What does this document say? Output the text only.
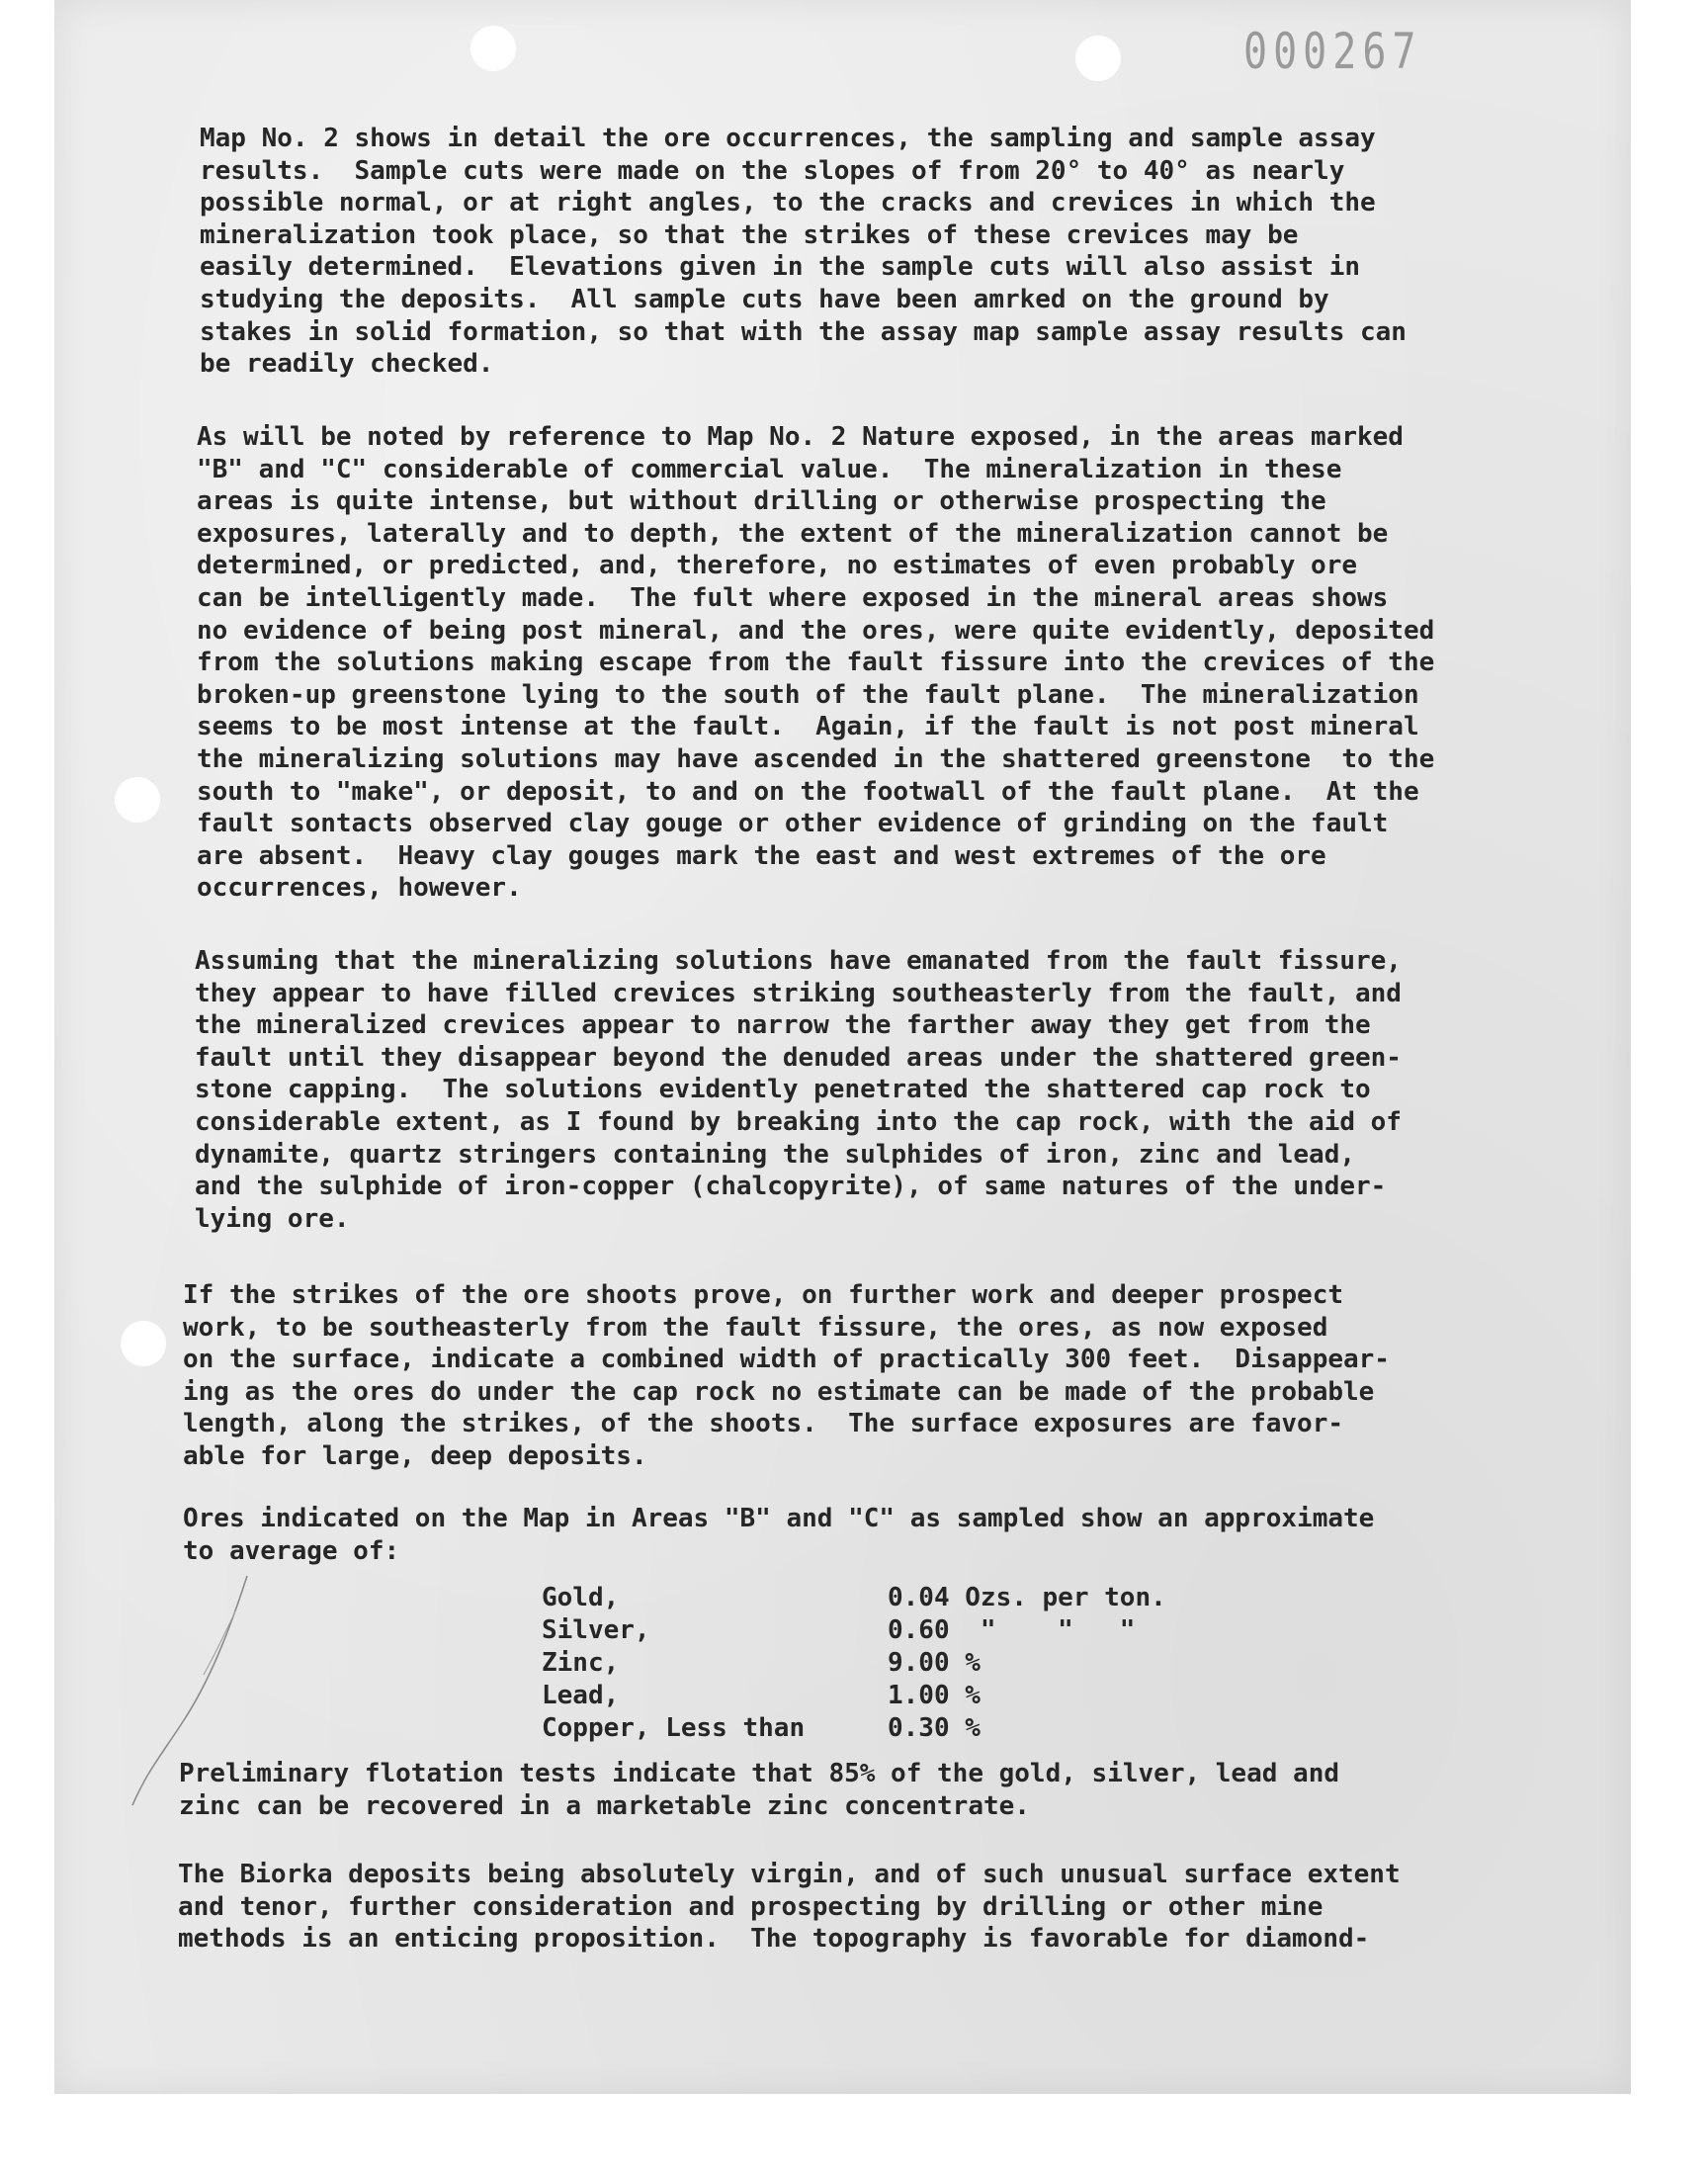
000267
Map No. 2 shows in detail the ore occurrences, the sampling and sample assay
results.  Sample cuts were made on the slopes of from 20° to 40° as nearly
possible normal, or at right angles, to the cracks and crevices in which the
mineralization took place, so that the strikes of these crevices may be
easily determined.  Elevations given in the sample cuts will also assist in
studying the deposits.  All sample cuts have been amrked on the ground by
stakes in solid formation, so that with the assay map sample assay results can
be readily checked.
As will be noted by reference to Map No. 2 Nature exposed, in the areas marked
"B" and "C" considerable of commercial value.  The mineralization in these
areas is quite intense, but without drilling or otherwise prospecting the
exposures, laterally and to depth, the extent of the mineralization cannot be
determined, or predicted, and, therefore, no estimates of even probably ore
can be intelligently made.  The fult where exposed in the mineral areas shows
no evidence of being post mineral, and the ores, were quite evidently, deposited
from the solutions making escape from the fault fissure into the crevices of the
broken-up greenstone lying to the south of the fault plane.  The mineralization
seems to be most intense at the fault.  Again, if the fault is not post mineral
the mineralizing solutions may have ascended in the shattered greenstone  to the
south to "make", or deposit, to and on the footwall of the fault plane.  At the
fault sontacts observed clay gouge or other evidence of grinding on the fault
are absent.  Heavy clay gouges mark the east and west extremes of the ore
occurrences, however.
Assuming that the mineralizing solutions have emanated from the fault fissure,
they appear to have filled crevices striking southeasterly from the fault, and
the mineralized crevices appear to narrow the farther away they get from the
fault until they disappear beyond the denuded areas under the shattered green-
stone capping.  The solutions evidently penetrated the shattered cap rock to
considerable extent, as I found by breaking into the cap rock, with the aid of
dynamite, quartz stringers containing the sulphides of iron, zinc and lead,
and the sulphide of iron-copper (chalcopyrite), of same natures of the under-
lying ore.
If the strikes of the ore shoots prove, on further work and deeper prospect
work, to be southeasterly from the fault fissure, the ores, as now exposed
on the surface, indicate a combined width of practically 300 feet.  Disappear-
ing as the ores do under the cap rock no estimate can be made of the probable
length, along the strikes, of the shoots.  The surface exposures are favor-
able for large, deep deposits.
Ores indicated on the Map in Areas "B" and "C" as sampled show an approximate
to average of:
Gold,	0.04 Ozs. per ton.
Silver,	0.60  "    "   "
Zinc,	9.00 %
Lead,	1.00 %
Copper, Less than	0.30 %
Preliminary flotation tests indicate that 85% of the gold, silver, lead and
zinc can be recovered in a marketable zinc concentrate.
The Biorka deposits being absolutely virgin, and of such unusual surface extent
and tenor, further consideration and prospecting by drilling or other mine
methods is an enticing proposition.  The topography is favorable for diamond-
